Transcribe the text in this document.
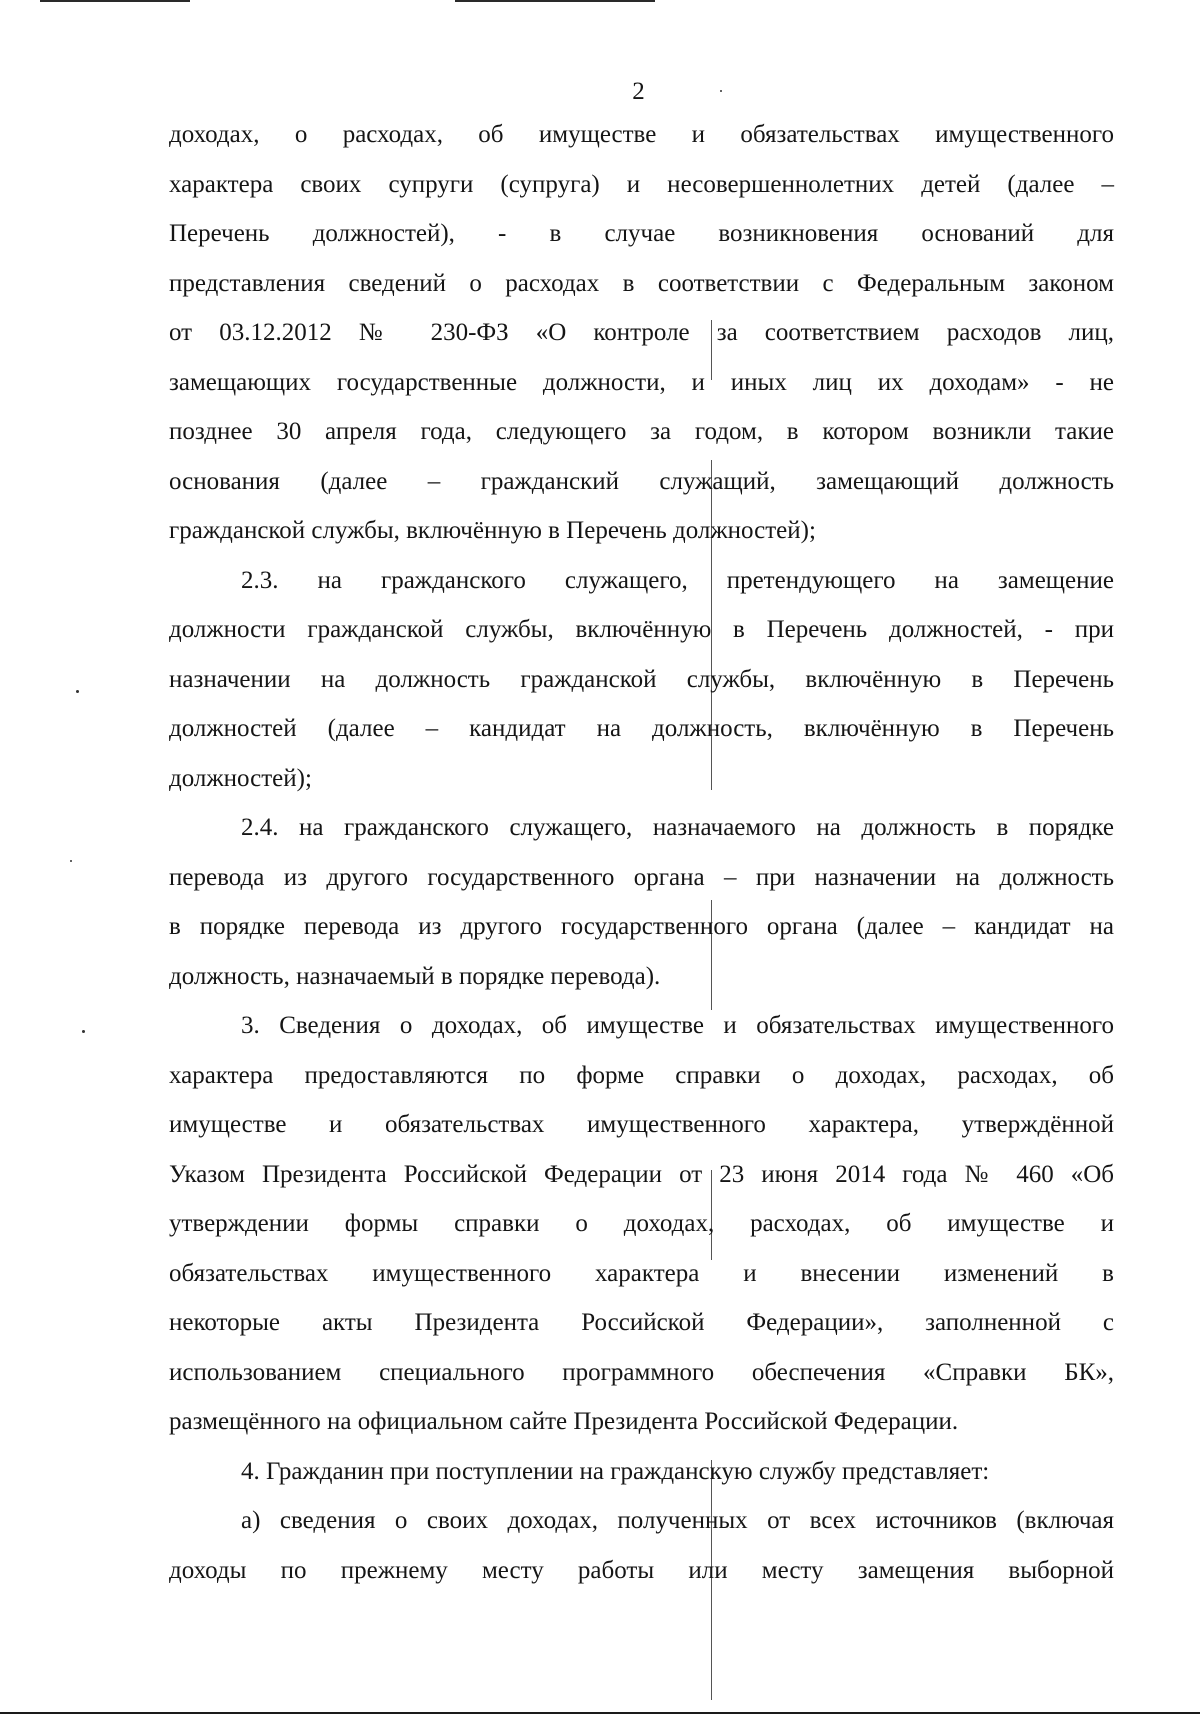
2
доходах, о расходах, об имуществе и обязательствах имущественного
характера своих супруги (супруга) и несовершеннолетних детей (далее –
Перечень должностей), - в случае возникновения оснований для
представления сведений о расходах в соответствии с Федеральным законом
от 03.12.2012 № 230-ФЗ «О контроле за соответствием расходов лиц,
замещающих государственные должности, и иных лиц их доходам» - не
позднее 30 апреля года, следующего за годом, в котором возникли такие
основания (далее – гражданский служащий, замещающий должность
гражданской службы, включённую в Перечень должностей);
2.3. на гражданского служащего, претендующего на замещение
должности гражданской службы, включённую в Перечень должностей, - при
назначении на должность гражданской службы, включённую в Перечень
должностей (далее – кандидат на должность, включённую в Перечень
должностей);
2.4. на гражданского служащего, назначаемого на должность в порядке
перевода из другого государственного органа – при назначении на должность
в порядке перевода из другого государственного органа (далее – кандидат на
должность, назначаемый в порядке перевода).
3. Сведения о доходах, об имуществе и обязательствах имущественного
характера предоставляются по форме справки о доходах, расходах, об
имуществе и обязательствах имущественного характера, утверждённой
Указом Президента Российской Федерации от 23 июня 2014 года № 460 «Об
утверждении формы справки о доходах, расходах, об имуществе и
обязательствах имущественного характера и внесении изменений в
некоторые акты Президента Российской Федерации», заполненной с
использованием специального программного обеспечения «Справки БК»,
размещённого на официальном сайте Президента Российской Федерации.
4. Гражданин при поступлении на гражданскую службу представляет:
а) сведения о своих доходах, полученных от всех источников (включая
доходы по прежнему месту работы или месту замещения выборной
